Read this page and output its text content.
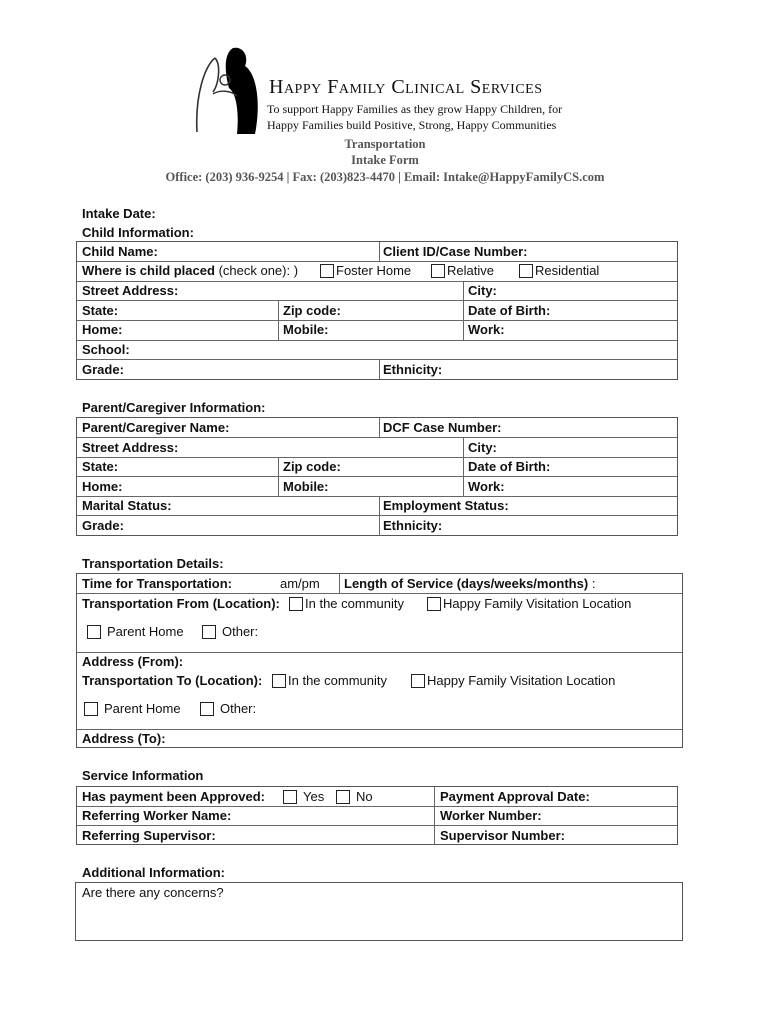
Happy Family Clinical Services
To support Happy Families as they grow Happy Children, for
Happy Families build Positive, Strong, Happy Communities
Transportation
Intake Form
Office: (203) 936-9254 | Fax: (203)823-4470 | Email: Intake@HappyFamilyCS.com
Intake Date:
Child Information:
Child Name:	Client ID/Case Number:
Where is child placed (check one): )	Foster Home	Relative	Residential
Street Address:	City:
State:	Zip code:	Date of Birth:
Home:	Mobile:	Work:
School:
Grade:	Ethnicity:
Parent/Caregiver Information:
Parent/Caregiver Name:	DCF Case Number:
Street Address:	City:
State:	Zip code:	Date of Birth:
Home:	Mobile:	Work:
Marital Status:	Employment Status:
Grade:	Ethnicity:
Transportation Details:
Time for Transportation:	am/pm Length of Service (days/weeks/months) :
Transportation From (Location):	In the community	Happy Family Visitation Location
Parent Home	Other:
Address (From):
Transportation To (Location):	In the community	Happy Family Visitation Location
Parent Home	Other:
Address (To):
Service Information
Has payment been Approved:	Yes	No	Payment Approval Date:
Referring Worker Name:	Worker Number:
Referring Supervisor:	Supervisor Number:
Additional Information:
Are there any concerns?
